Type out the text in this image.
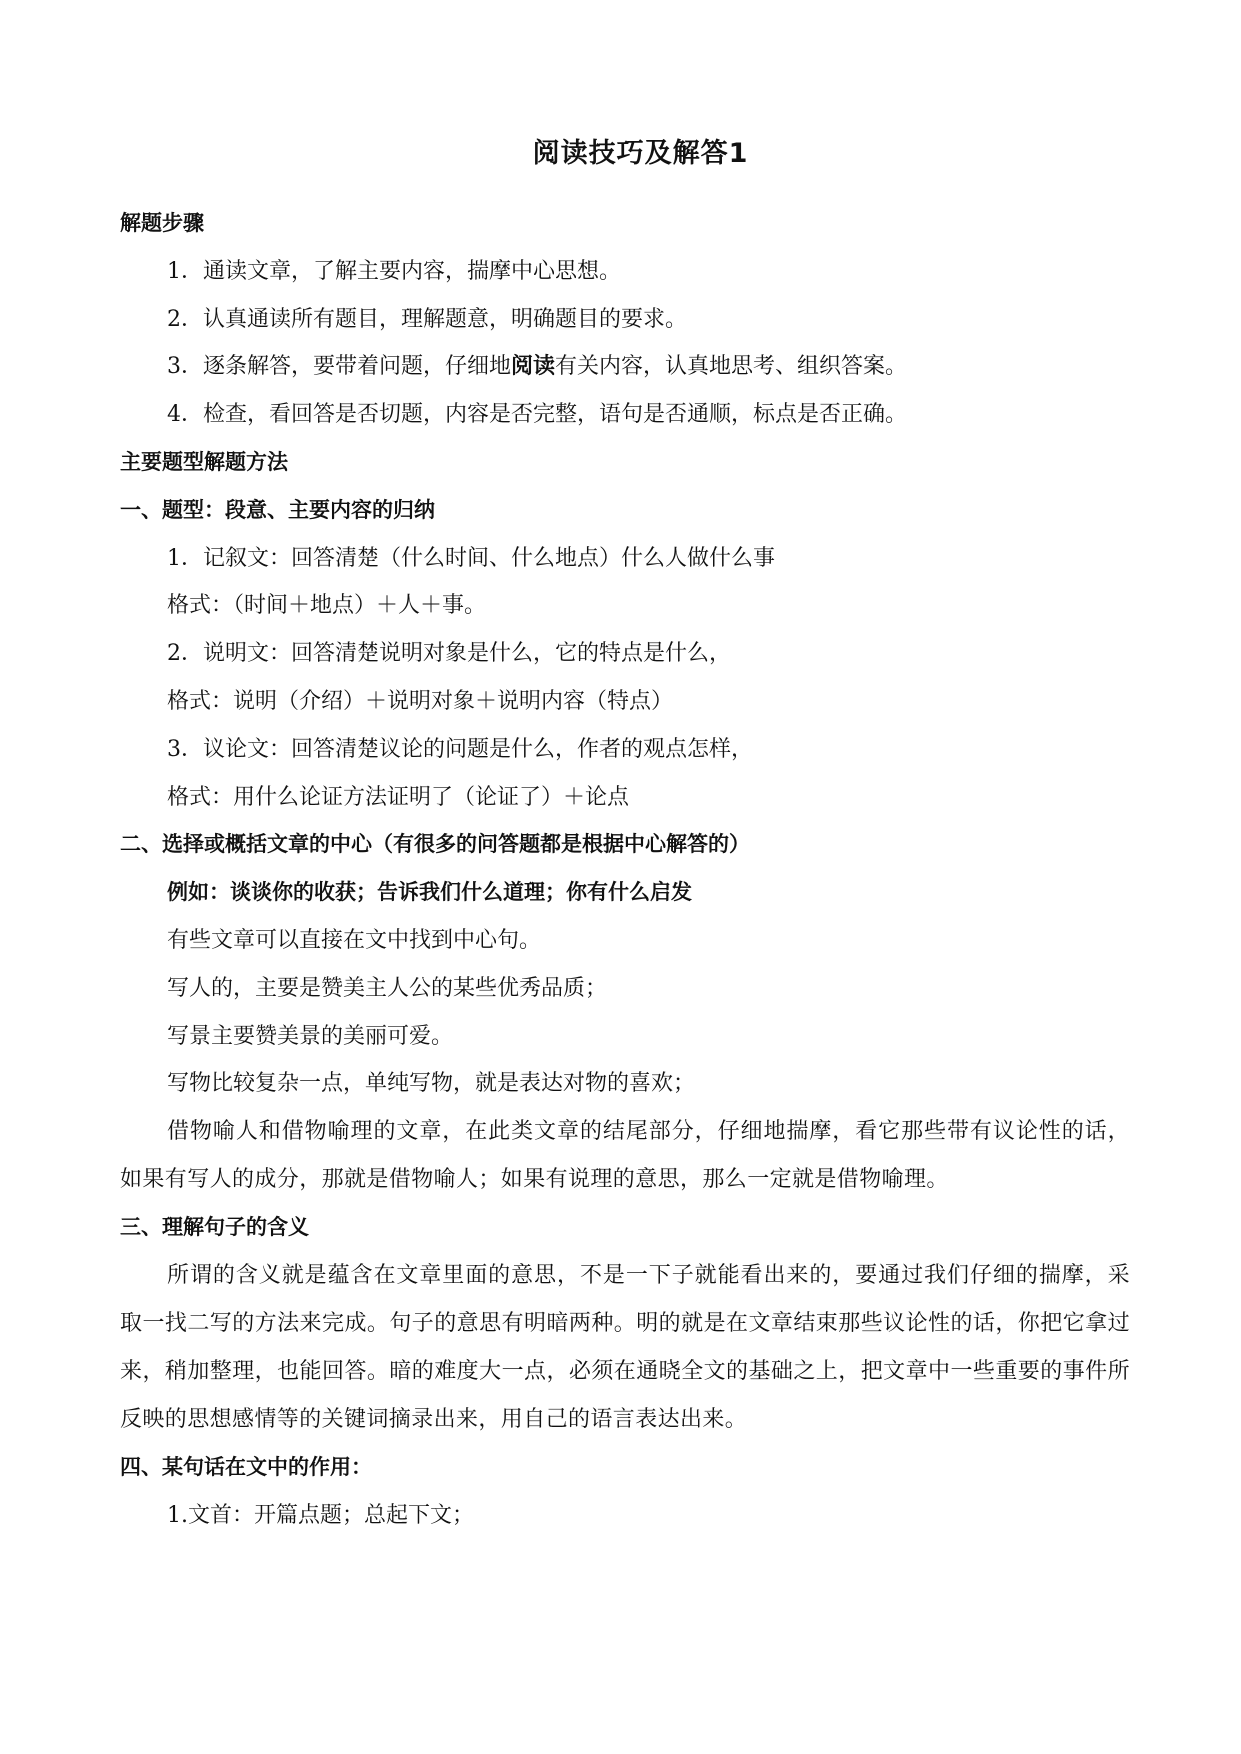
阅读技巧及解答1
解题步骤
1．通读文章，了解主要内容，揣摩中心思想。
2．认真通读所有题目，理解题意，明确题目的要求。
3．逐条解答，要带着问题，仔细地阅读有关内容，认真地思考、组织答案。
4．检查，看回答是否切题，内容是否完整，语句是否通顺，标点是否正确。
主要题型解题方法
一、题型：段意、主要内容的归纳
1．记叙文：回答清楚（什么时间、什么地点）什么人做什么事
格式：（时间＋地点）＋人＋事。
2．说明文：回答清楚说明对象是什么，它的特点是什么，
格式：说明（介绍）＋说明对象＋说明内容（特点）
3．议论文：回答清楚议论的问题是什么，作者的观点怎样，
格式：用什么论证方法证明了（论证了）＋论点
二、选择或概括文章的中心（有很多的问答题都是根据中心解答的）
例如：谈谈你的收获；告诉我们什么道理；你有什么启发
有些文章可以直接在文中找到中心句。
写人的，主要是赞美主人公的某些优秀品质；
写景主要赞美景的美丽可爱。
写物比较复杂一点，单纯写物，就是表达对物的喜欢；
借物喻人和借物喻理的文章，在此类文章的结尾部分，仔细地揣摩，看它那些带有议论性的话，如果有写人的成分，那就是借物喻人；如果有说理的意思，那么一定就是借物喻理。
三、理解句子的含义
所谓的含义就是蕴含在文章里面的意思，不是一下子就能看出来的，要通过我们仔细的揣摩，采取一找二写的方法来完成。句子的意思有明暗两种。明的就是在文章结束那些议论性的话，你把它拿过来，稍加整理，也能回答。暗的难度大一点，必须在通晓全文的基础之上，把文章中一些重要的事件所反映的思想感情等的关键词摘录出来，用自己的语言表达出来。
四、某句话在文中的作用：
1.文首：开篇点题；总起下文；
